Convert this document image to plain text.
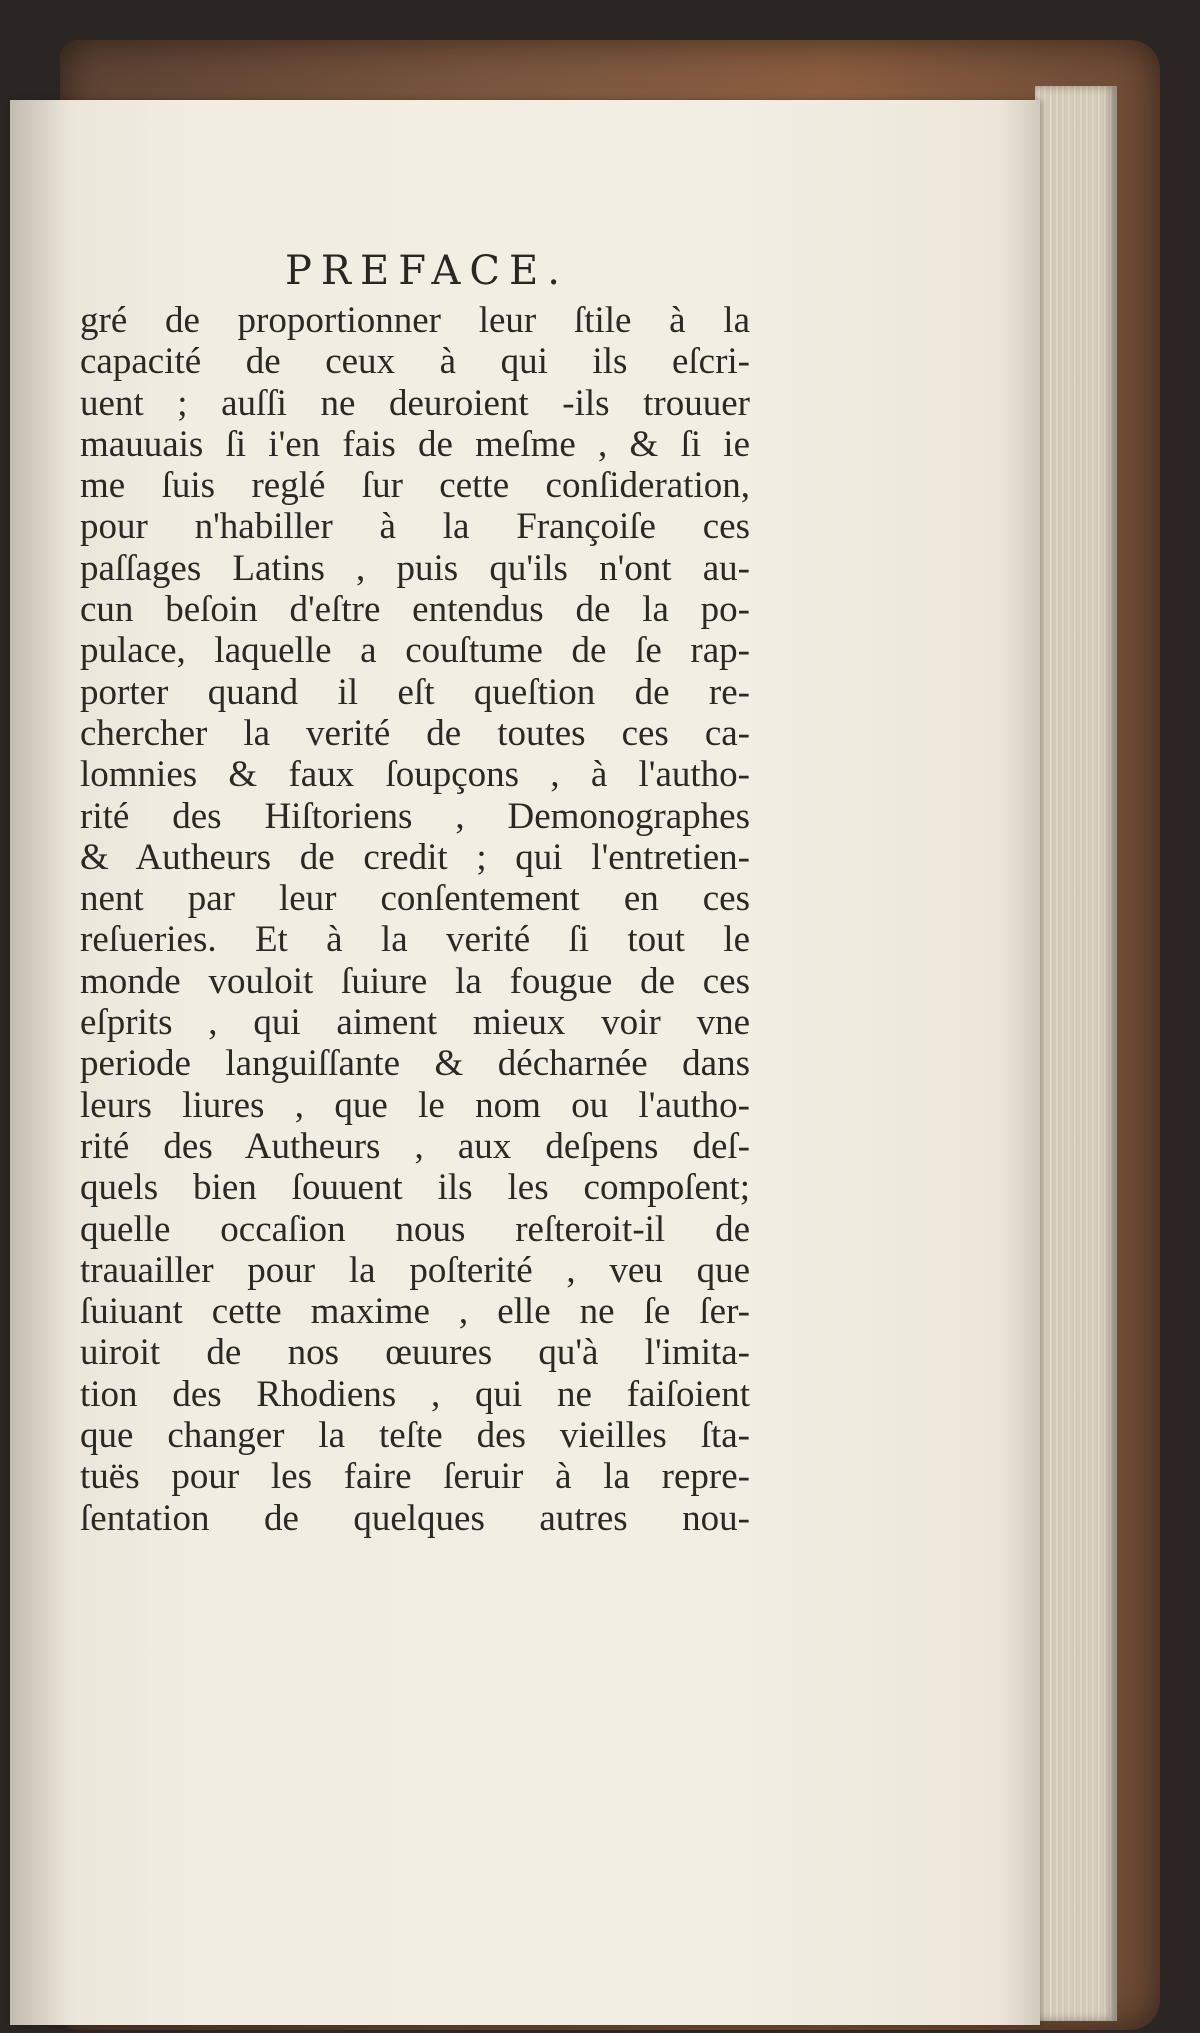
PREFACE.
gré de proportionner leur ſtile à la
capacité de ceux à qui ils eſcri-
uent ; auſſi ne deuroient -ils trouuer
mauuais ſi i'en fais de meſme , & ſi ie
me ſuis reglé ſur cette conſideration,
pour n'habiller à la Françoiſe ces
paſſages Latins , puis qu'ils n'ont au-
cun beſoin d'eſtre entendus de la po-
pulace, laquelle a couſtume de ſe rap-
porter quand il eſt queſtion de re-
chercher la verité de toutes ces ca-
lomnies & faux ſoupçons , à l'autho-
rité des Hiſtoriens , Demonographes
& Autheurs de credit ; qui l'entretien-
nent par leur conſentement en ces
reſueries. Et à la verité ſi tout le
monde vouloit ſuiure la fougue de ces
eſprits , qui aiment mieux voir vne
periode languiſſante & décharnée dans
leurs liures , que le nom ou l'autho-
rité des Autheurs , aux deſpens deſ-
quels bien ſouuent ils les compoſent;
quelle occaſion nous reſteroit-il de
trauailler pour la poſterité , veu que
ſuiuant cette maxime , elle ne ſe ſer-
uiroit de nos œuures qu'à l'imita-
tion des Rhodiens , qui ne faiſoient
que changer la teſte des vieilles ſta-
tuës pour les faire ſeruir à la repre-
ſentation de quelques autres nou-
